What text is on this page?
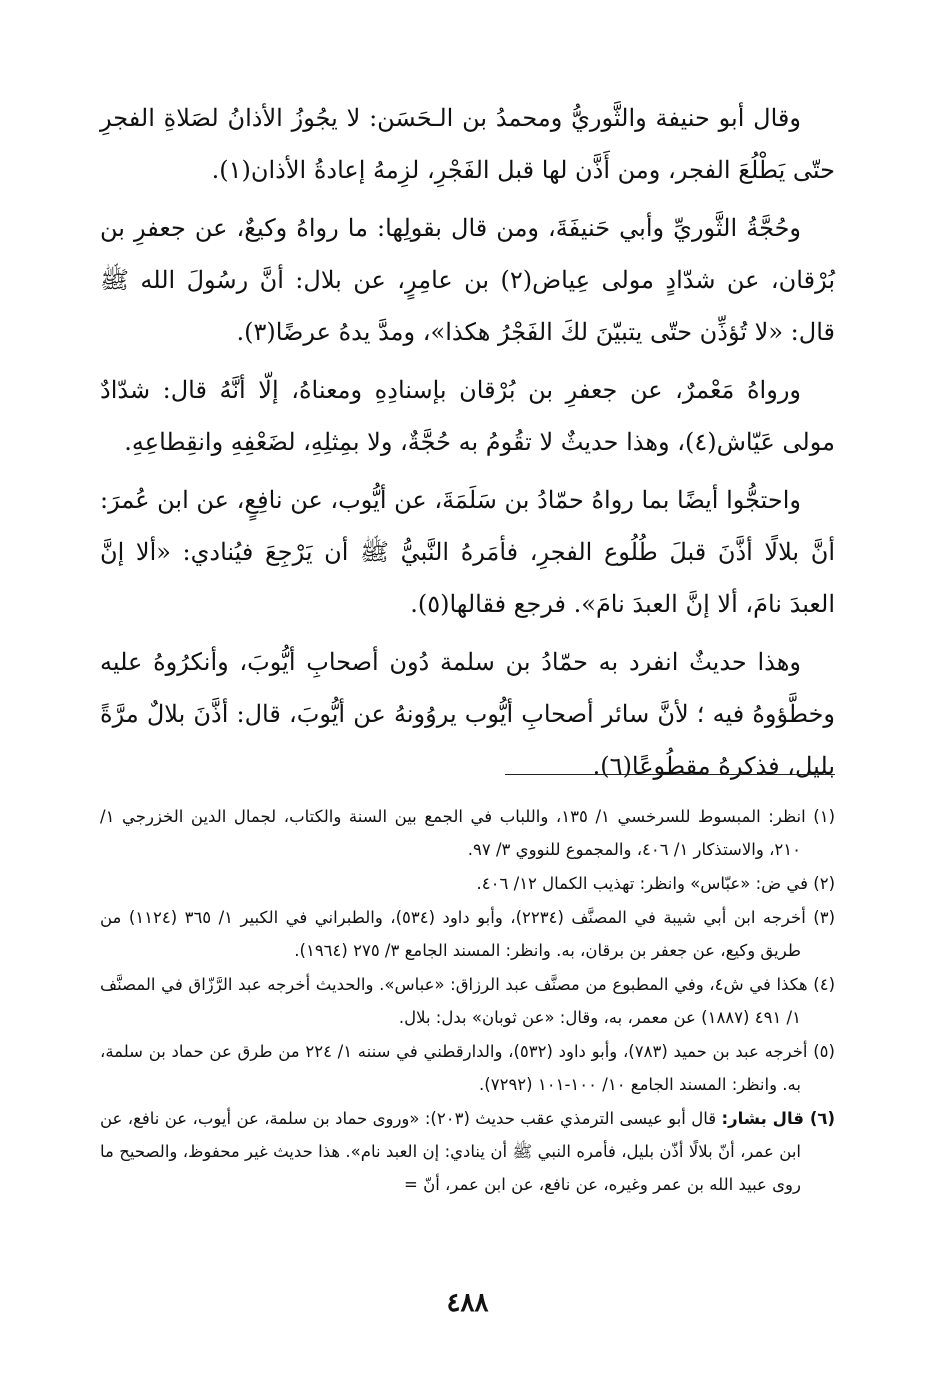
وقال أبو حنيفة والثَّوريُّ ومحمدُ بن الـحَسَن: لا يجُوزُ الأذانُ لصَلاةِ الفجرِ حتّى يَطْلُعَ الفجر، ومن أَذَّن لها قبل الفَجْرِ، لزِمهُ إعادةُ الأذان(١).

وحُجَّةُ الثَّوريِّ وأبي حَنيفَةَ، ومن قال بقولِها: ما رواهُ وكيعٌ، عن جعفرِ بن بُرْقان، عن شدّادٍ مولى عِياض(٢) بن عامِرٍ، عن بلال: أنَّ رسُولَ الله ﷺ قال: «لا تُؤذِّن حتّى يتبيّنَ لكَ الفَجْرُ هكذا»، ومدَّ يدهُ عرضًا(٣).

ورواهُ مَعْمرٌ، عن جعفرِ بن بُرْقان بإسنادِهِ ومعناهُ، إلّا أنَّهُ قال: شدّادٌ مولى عَيّاش(٤)، وهذا حديثٌ لا تقُومُ به حُجَّةٌ، ولا بمِثلِهِ، لضَعْفِهِ وانقِطاعِهِ.

واحتجُّوا أيضًا بما رواهُ حمّادُ بن سَلَمَةَ، عن أيُّوب، عن نافِعٍ، عن ابن عُمرَ: أنَّ بلالًا أذَّنَ قبلَ طُلُوع الفجرِ، فأمَرهُ النَّبيُّ ﷺ أن يَرْجِعَ فيُنادي: «ألا إنَّ العبدَ نامَ، ألا إنَّ العبدَ نامَ». فرجع فقالها(٥).

وهذا حديثٌ انفرد به حمّادُ بن سلمة دُون أصحابِ أيُّوبَ، وأنكرُوهُ عليه وخطَّؤوهُ فيه ؛ لأنَّ سائر أصحابِ أيُّوب يروُونهُ عن أيُّوبَ، قال: أذَّنَ بلالٌ مرَّةً بليل، فذكرهُ مقطُوعًا(٦).

(١) انظر: المبسوط للسرخسي ١/ ١٣٥، واللباب في الجمع بين السنة والكتاب، لجمال الدين الخزرجي ١/ ٢١٠، والاستذكار ١/ ٤٠٦، والمجموع للنووي ٣/ ٩٧.

(٢) في ض: «عبّاس» وانظر: تهذيب الكمال ١٢/ ٤٠٦.

(٣) أخرجه ابن أبي شيبة في المصنَّف (٢٢٣٤)، وأبو داود (٥٣٤)، والطبراني في الكبير ١/ ٣٦٥ (١١٢٤) من طريق وكيع، عن جعفر بن برقان، به. وانظر: المسند الجامع ٣/ ٢٧٥ (١٩٦٤).

(٤) هكذا في ش٤، وفي المطبوع من مصنَّف عبد الرزاق: «عباس». والحديث أخرجه عبد الرَّزّاق في المصنَّف ١/ ٤٩١ (١٨٨٧) عن معمر، به، وقال: «عن ثوبان» بدل: بلال.

(٥) أخرجه عبد بن حميد (٧٨٣)، وأبو داود (٥٣٢)، والدارقطني في سننه ١/ ٢٢٤ من طرق عن حماد بن سلمة، به. وانظر: المسند الجامع ١٠/ ١٠٠-١٠١ (٧٢٩٢).

(٦) قال بشار: قال أبو عيسى الترمذي عقب حديث (٢٠٣): «وروى حماد بن سلمة، عن أيوب، عن نافع، عن ابن عمر، أنّ بلالًا أذّن بليل، فأمره النبي ﷺ أن ينادي: إن العبد نام». هذا حديث غير محفوظ، والصحيح ما روى عبيد الله بن عمر وغيره، عن نافع، عن ابن عمر، أنّ =

٤٨٨
